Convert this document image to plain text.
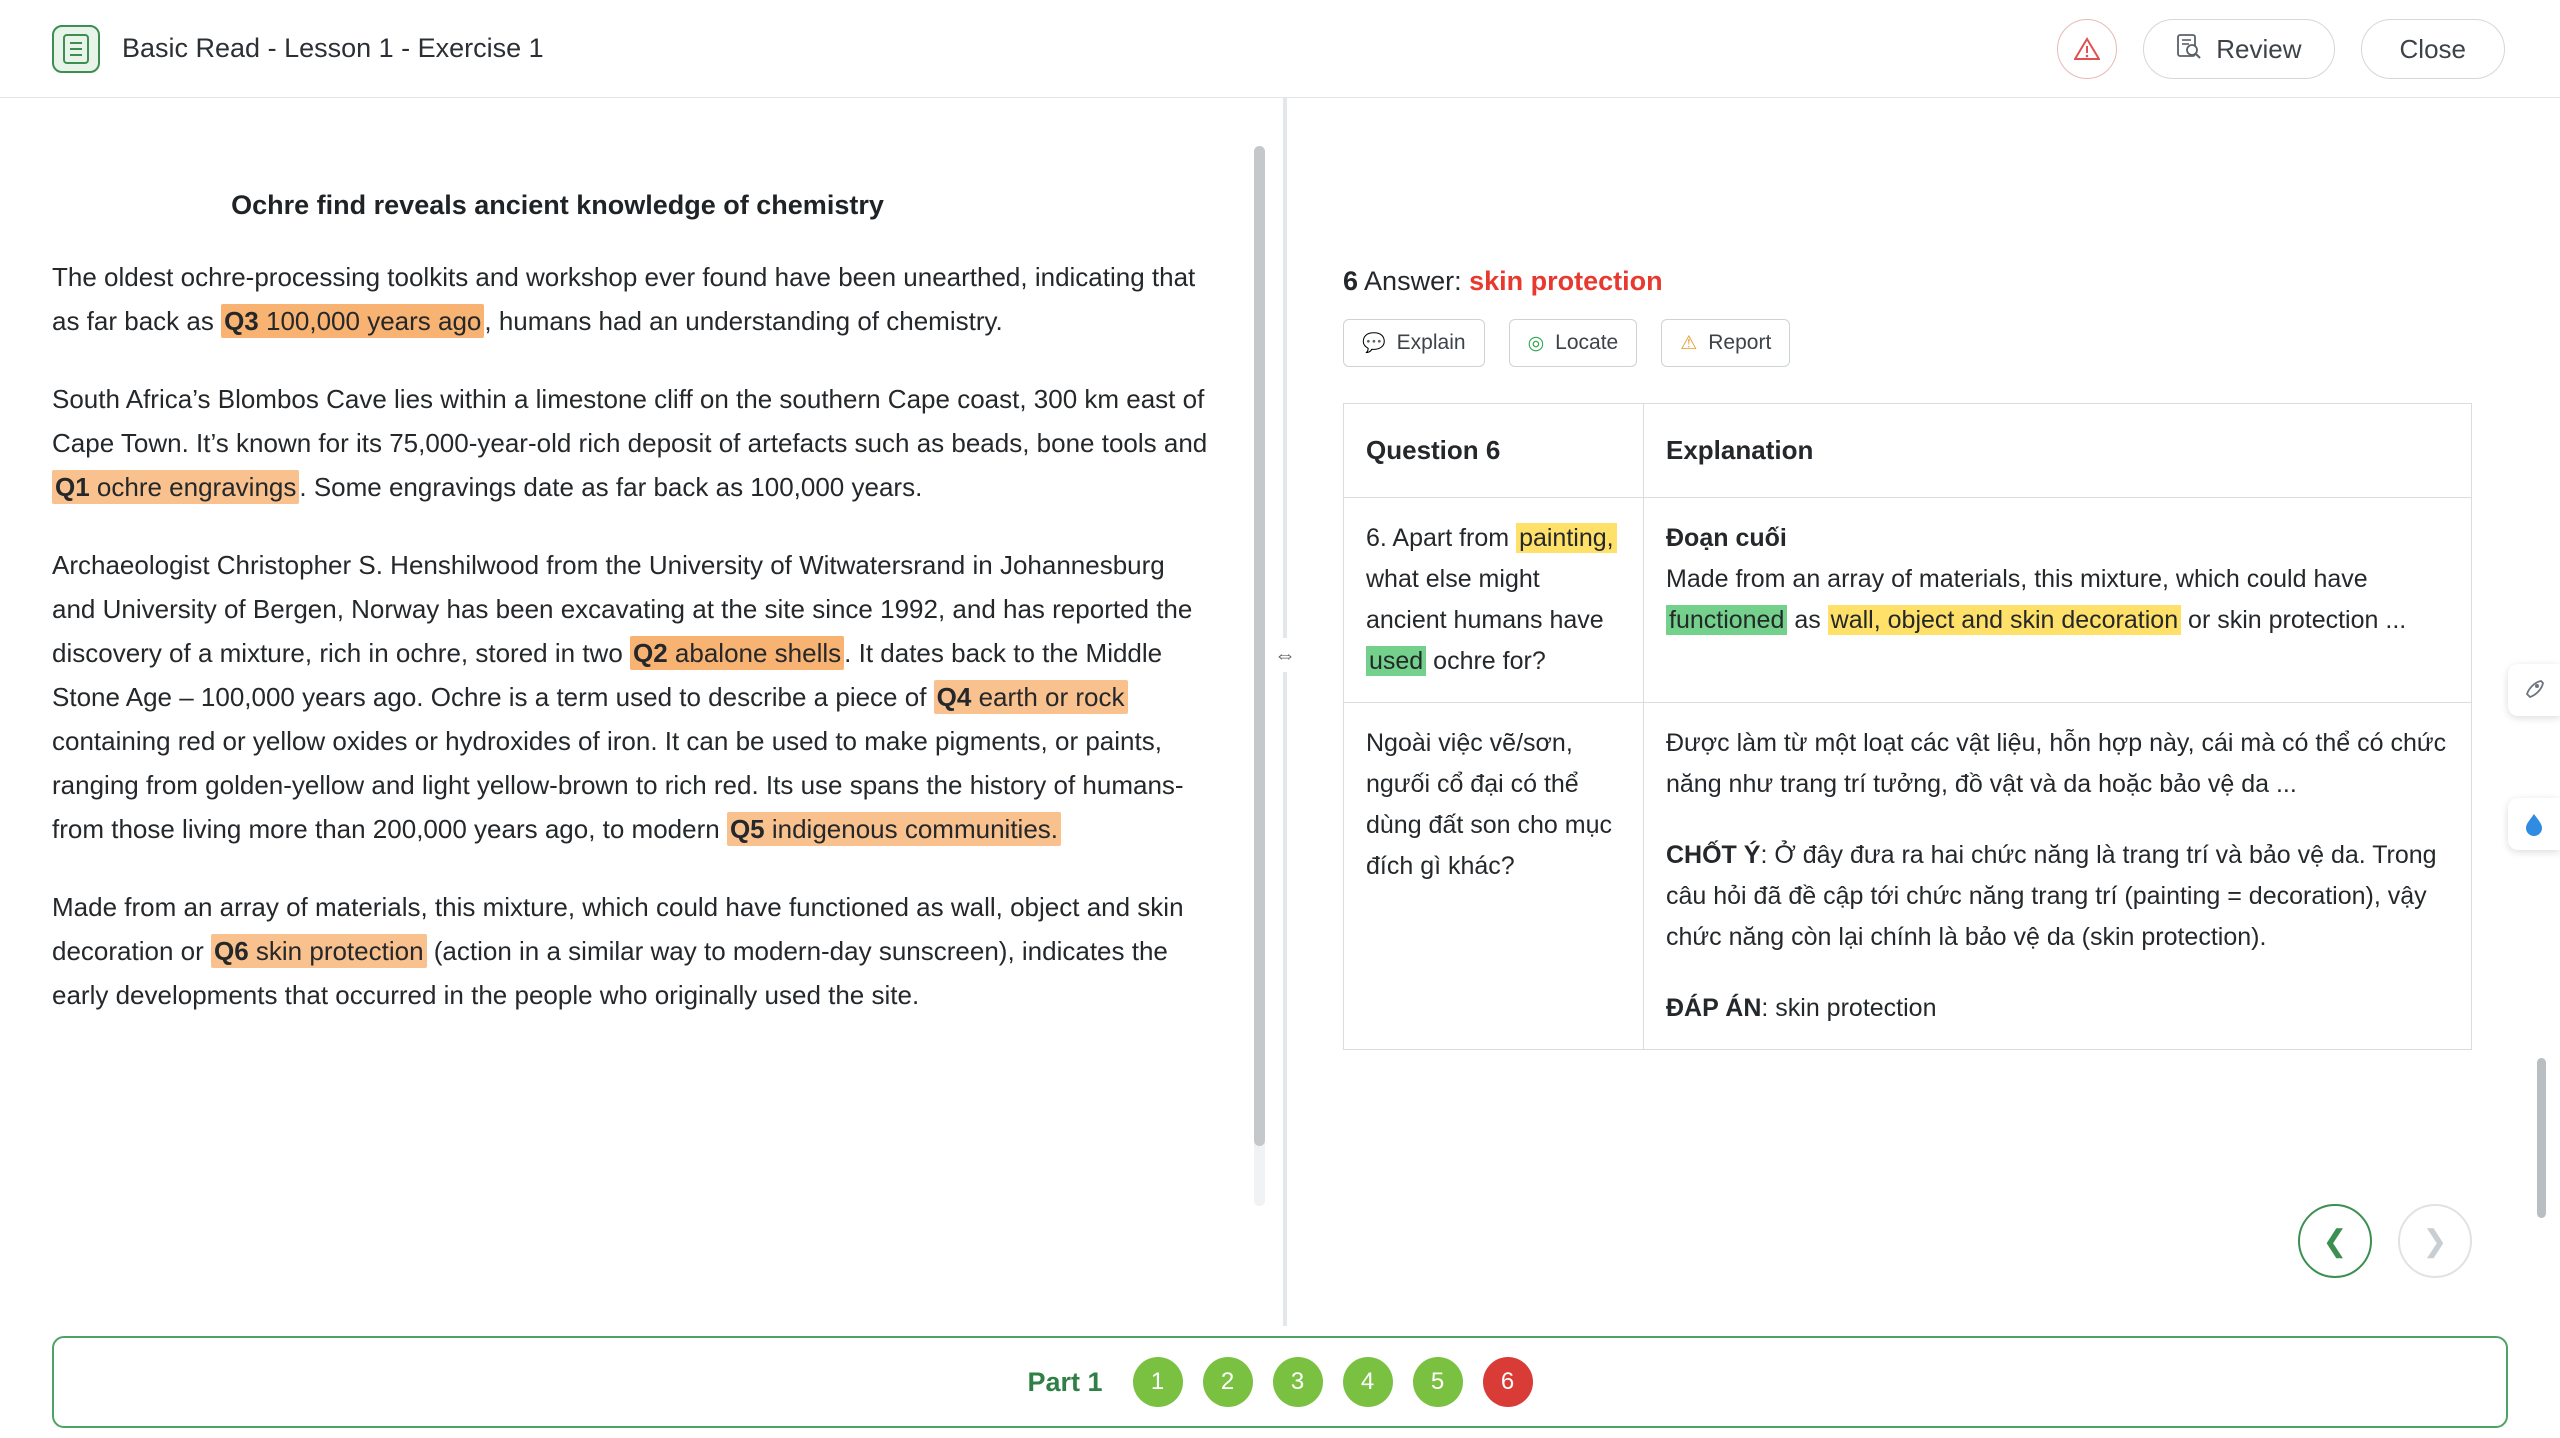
Basic Read - Lesson 1 - Exercise 1	Review	Close
Ochre find reveals ancient knowledge of chemistry

The oldest ochre-processing toolkits and workshop ever found have been unearthed, indicating that as far back as Q3 100,000 years ago , humans had an understanding of chemistry.

South Africa’s Blombos Cave lies within a limestone cliff on the southern Cape coast, 300 km east of Cape Town. It’s known for its 75,000-year-old rich deposit of artefacts such as beads, bone tools and Q1 ochre engravings . Some engravings date as far back as 100,000 years.

Archaeologist Christopher S. Henshilwood from the University of Witwatersrand in Johannesburg and University of Bergen, Norway has been excavating at the site since 1992, and has reported the discovery of a mixture, rich in ochre, stored in two Q2 abalone shells . It dates back to the Middle Stone Age – 100,000 years ago. Ochre is a term used to describe a piece of Q4 earth or rock containing red or yellow oxides or hydroxides of iron. It can be used to make pigments, or paints, ranging from golden-yellow and light yellow-brown to rich red. Its use spans the history of humans-from those living more than 200,000 years ago, to modern Q5 indigenous communities.

Made from an array of materials, this mixture, which could have functioned as wall, object and skin decoration or Q6 skin protection (action in a similar way to modern-day sunscreen), indicates the early developments that occurred in the people who originally used the site.

⇔
6 Answer: skin protection
💬 Explain	◎ Locate	⚠ Report
Question 6	Explanation
6. Apart from painting, what else might ancient humans have used ochre for?	Đoạn cuối
Made from an array of materials, this mixture, which could have functioned as wall, object and skin decoration or skin protection ...

Ngoài việc vẽ/sơn, ngưối cổ đại có thể dùng đất son cho mục đích gì khác?	Được làm từ một loạt các vật liệu, hỗn hợp này, cái mà có thể có chức năng như trang trí tưởng, đồ vật và da hoặc bảo vệ da ...

CHỐT Ý: Ở đây đưa ra hai chức năng là trang trí và bảo vệ da. Trong câu hỏi đã đề cập tới chức năng trang trí (painting = decoration), vậy chức năng còn lại chính là bảo vệ da (skin protection).

ĐÁP ÁN: skin protection

❮	❯
Part 1	1	2	3	4	5	6
